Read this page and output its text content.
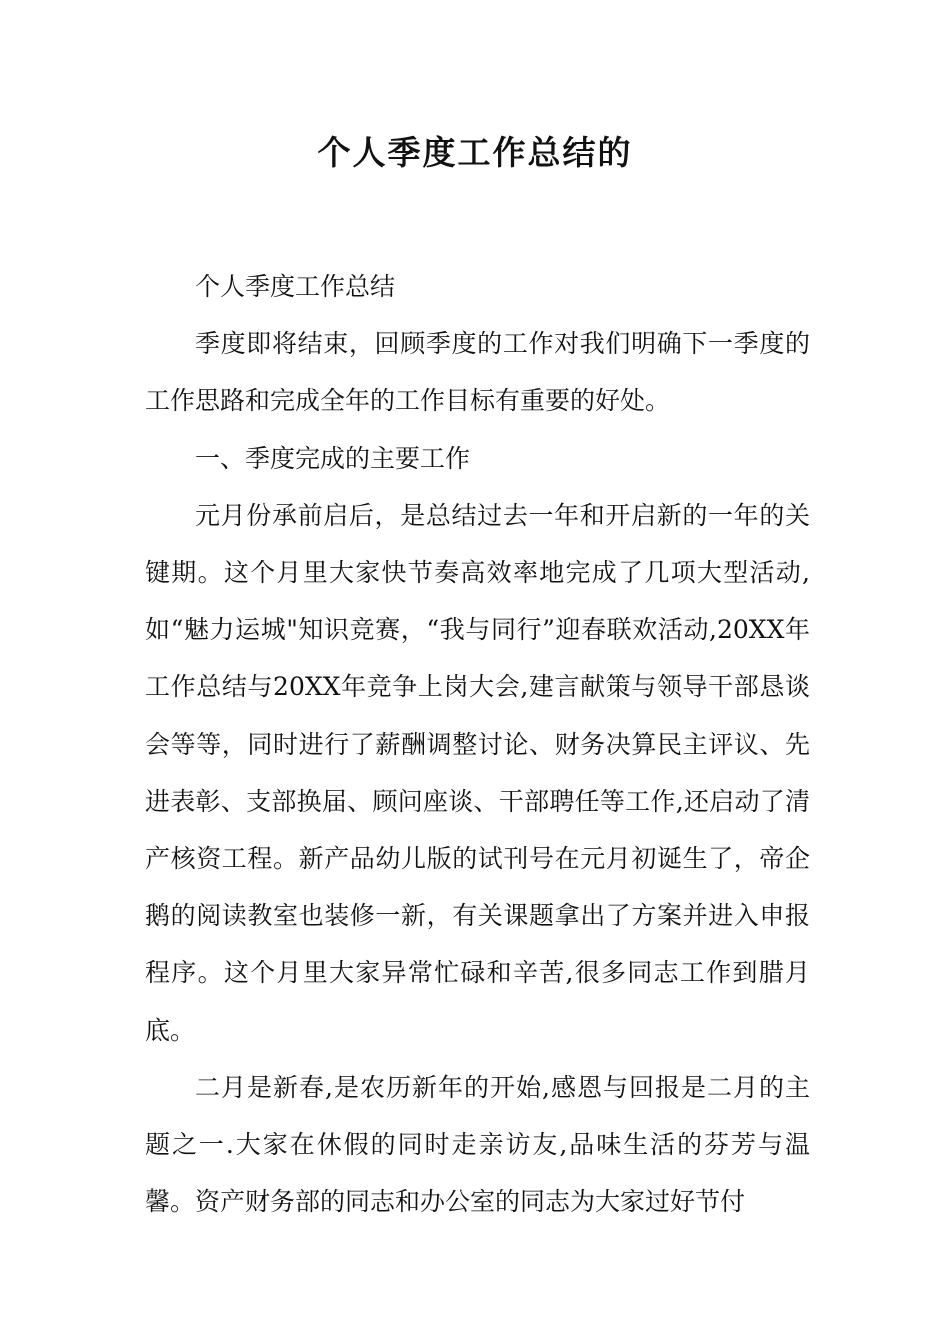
个人季度工作总结的

个人季度工作总结

季度即将结束，回顾季度的工作对我们明确下一季度的工作思路和完成全年的工作目标有重要的好处。

一、季度完成的主要工作

元月份承前启后，是总结过去一年和开启新的一年的关键期。这个月里大家快节奏高效率地完成了几项大型活动,如“魅力运城"知识竞赛，“我与同行”迎春联欢活动,20XX年工作总结与20XX年竞争上岗大会,建言献策与领导干部恳谈会等等，同时进行了薪酬调整讨论、财务决算民主评议、先进表彰、支部换届、顾问座谈、干部聘任等工作,还启动了清产核资工程。新产品幼儿版的试刊号在元月初诞生了，帝企鹅的阅读教室也装修一新，有关课题拿出了方案并进入申报程序。这个月里大家异常忙碌和辛苦,很多同志工作到腊月底。

二月是新春,是农历新年的开始,感恩与回报是二月的主题之一.大家在休假的同时走亲访友,品味生活的芬芳与温馨。资产财务部的同志和办公室的同志为大家过好节付
